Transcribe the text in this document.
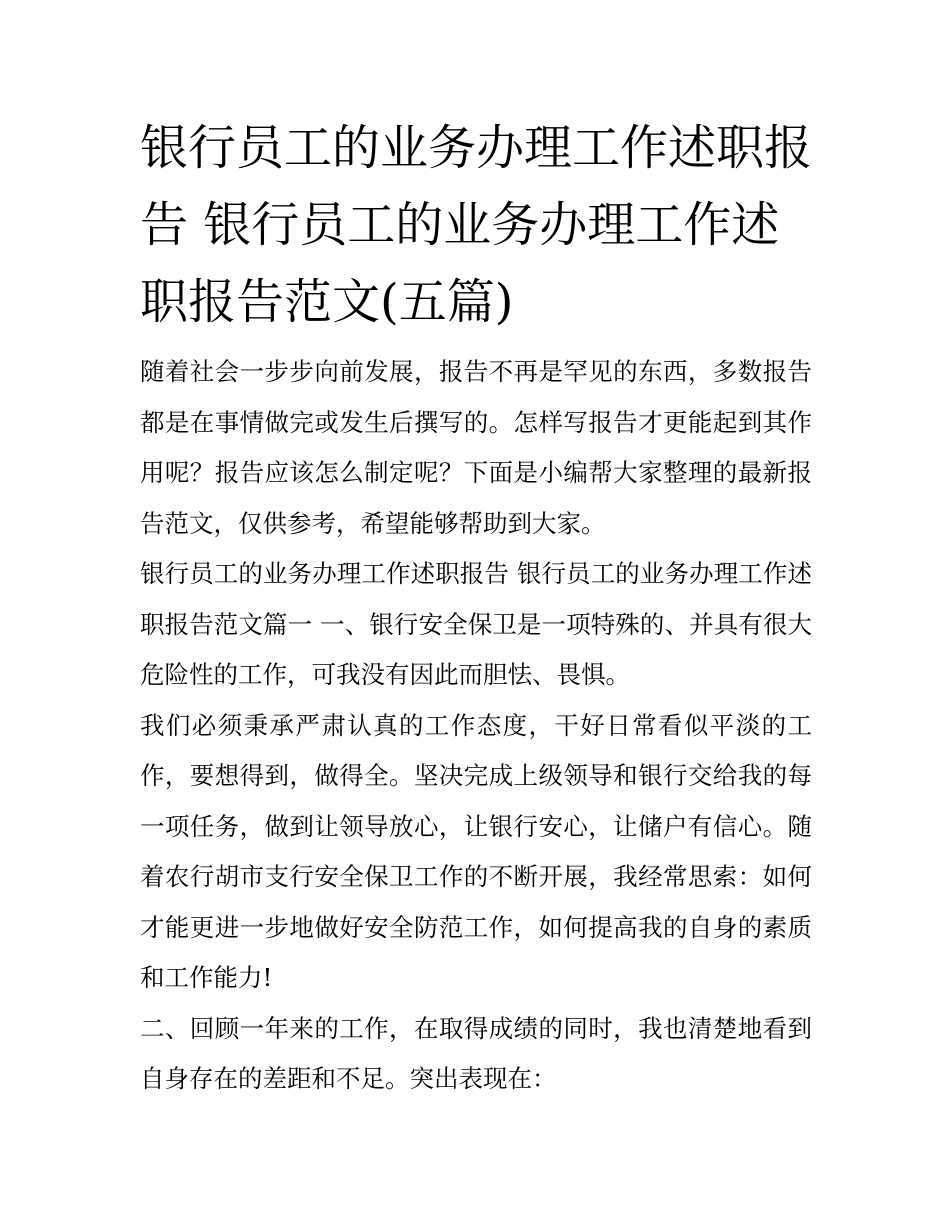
银行员工的业务办理工作述职报告 银行员工的业务办理工作述职报告范文(五篇)

随着社会一步步向前发展，报告不再是罕见的东西，多数报告都是在事情做完或发生后撰写的。怎样写报告才更能起到其作用呢？报告应该怎么制定呢？下面是小编帮大家整理的最新报告范文，仅供参考，希望能够帮助到大家。

银行员工的业务办理工作述职报告 银行员工的业务办理工作述职报告范文篇一 一、银行安全保卫是一项特殊的、并具有很大危险性的工作，可我没有因此而胆怯、畏惧。

我们必须秉承严肃认真的工作态度，干好日常看似平淡的工作，要想得到，做得全。坚决完成上级领导和银行交给我的每一项任务，做到让领导放心，让银行安心，让储户有信心。随着农行胡市支行安全保卫工作的不断开展，我经常思索：如何才能更进一步地做好安全防范工作，如何提高我的自身的素质和工作能力!

二、回顾一年来的工作，在取得成绩的同时，我也清楚地看到自身存在的差距和不足。突出表现在：
